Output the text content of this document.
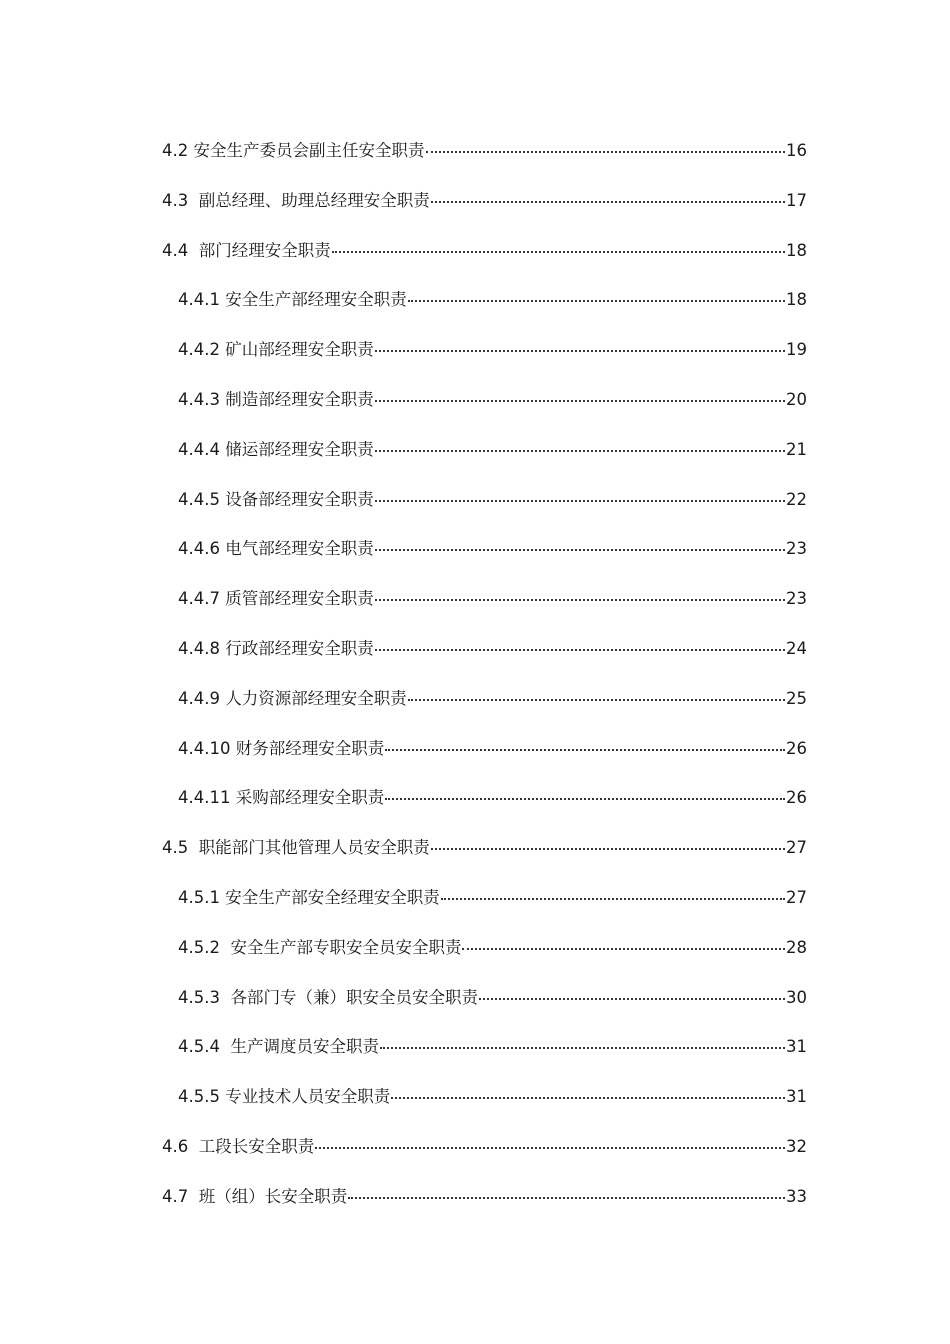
4.2 安全生产委员会副主任安全职责	16
4.3 副总经理、助理总经理安全职责	17
4.4 部门经理安全职责	18
4.4.1 安全生产部经理安全职责	18
4.4.2 矿山部经理安全职责	19
4.4.3 制造部经理安全职责	20
4.4.4 储运部经理安全职责	21
4.4.5 设备部经理安全职责	22
4.4.6 电气部经理安全职责	23
4.4.7 质管部经理安全职责	23
4.4.8 行政部经理安全职责	24
4.4.9 人力资源部经理安全职责	25
4.4.10 财务部经理安全职责	26
4.4.11 采购部经理安全职责	26
4.5 职能部门其他管理人员安全职责	27
4.5.1 安全生产部安全经理安全职责	27
4.5.2 安全生产部专职安全员安全职责	28
4.5.3 各部门专（兼）职安全员安全职责	30
4.5.4 生产调度员安全职责	31
4.5.5 专业技术人员安全职责	31
4.6 工段长安全职责	32
4.7 班（组）长安全职责	33
